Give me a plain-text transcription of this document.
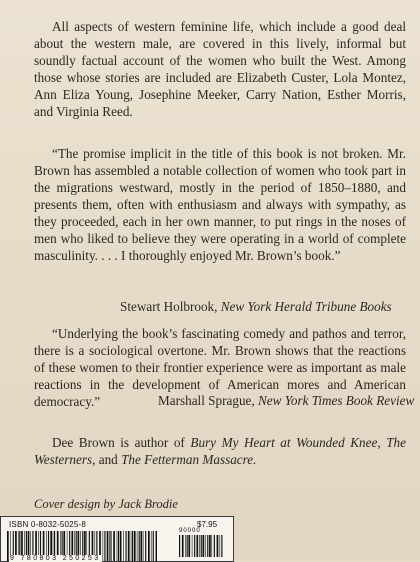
All aspects of western feminine life, which include a good deal about the western male, are covered in this lively, informal but soundly factual account of the women who built the West. Among those whose stories are included are Elizabeth Custer, Lola Montez, Ann Eliza Young, Josephine Meeker, Carry Nation, Esther Morris, and Virginia Reed.

“The promise implicit in the title of this book is not broken. Mr. Brown has assembled a notable collection of women who took part in the migrations westward, mostly in the period of 1850–1880, and presents them, often with enthusiasm and always with sympathy, as they proceeded, each in her own manner, to put rings in the noses of men who liked to believe they were operating in a world of complete masculinity. . . . I thoroughly enjoyed Mr. Brown’s book.”

Stewart Holbrook, New York Herald Tribune Books

“Underlying the book’s fascinating comedy and pathos and terror, there is a sociological overtone. Mr. Brown shows that the reactions of these women to their frontier experience were as important as male reactions in the development of American mores and American democracy.”	Marshall Sprague, New York Times Book Review

Dee Brown is author of Bury My Heart at Wounded Knee, The Westerners, and The Fetterman Massacre.

Cover design by Jack Brodie
ISBN 0-8032-5025-8	$7.95
90000
9 780803 250253
